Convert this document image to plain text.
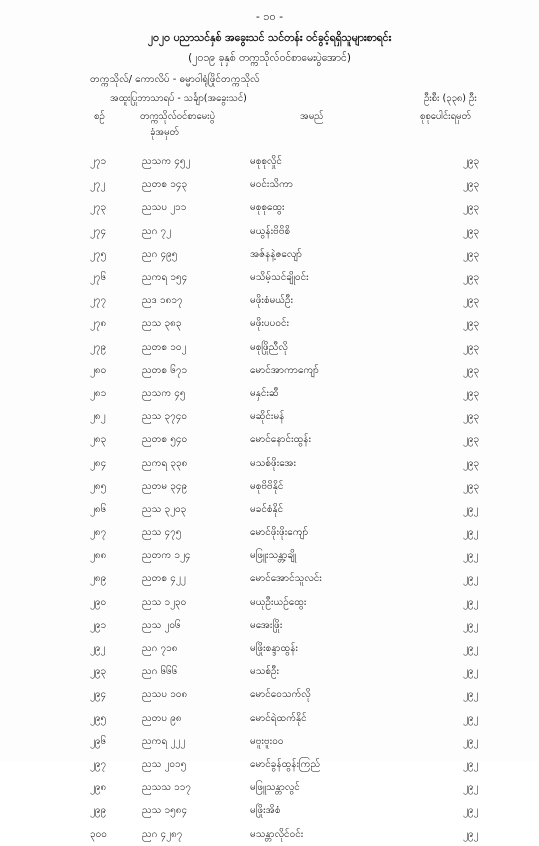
- ၁၀ -
၂၀၂၀ ပညာသင်နှစ် အခွေးသင် သင်တန်း ဝင်ခွင့်ရရှိသူများစာရင်း
(၂၀၁၉ ခုနှစ် တက္ကသိုလ်ဝင်စာမေးပွဲအောင်)
တက္ကသိုလ်/ ကောလိပ် - ဓမ္မာဝါရုံဖြိုင်တက္ကသိုလ်
အထူးပြုဘာသာရပ် - သင်္ချာ(အခွေးသင်)	ဦးစီး (၃၃၈) ဦး
စဉ်	တက္ကသိုလ်ဝင်စာမေးပွဲ	အမည်	စုစုပေါင်းရမှတ်
ခုံအမှတ်
၂၇၁	ညသက ၄၅၂	မစုစုလှိုင်	၂၉၃
၂၇၂	ညတစ ၁၄၃	မဝင်းသိကာ	၂၉၃
၂၇၃	ညသပ ၂၁၁	မစုစုထွေး	၂၉၃
၂၇၄	ညဂ ၇၂	မယွန်းဗိဗိစိ	၂၉၃
၂၇၅	ညဂ ၄၉၅	အဇ်နနဲ့ဇလျော်	၂၉၃
၂၇၆	ညကရ ၁၅၄	မသိမ့်သင်ချိုဝင်း	၂၉၃
၂၇၇	ညဒ ၁၈၁၇	မဖိုးစံမယ်ဦး	၂၉၃
၂၇၈	ညသ ၃၈၃	မဖိုးပပဝင်း	၂၉၃
၂၇၉	ညတစ ၁၀၂	မစုဖြိုညီလို	၂၉၃
၂၈၀	ညတစ ၆၇၁	မောင်အာကာကျော်	၂၉၃
၂၈၁	ညသက ၄၅	မနှင်းဆီ	၂၉၃
၂၈၂	ညသ ၃၇၄၀	မဆိုင်းမန်	၂၉၃
၂၈၃	ညတစ ၅၄၀	မောင်နောင်းထွန်း	၂၉၃
၂၈၄	ညကရ ၃၃၈	မသစ်ဖိုးအေး	၂၉၃
၂၈၅	ညတမ ၃၄၉	မစုဗိဗိနိုင်	၂၉၃
၂၈၆	ညသ ၃၂၀၃	မခင်စံနိုင်	၂၉၂
၂၈၇	ညသ ၄၇၅	မောင်ဖိုးဖိုးကျော်	၂၉၂
၂၈၈	ညတက ၁၂၄	မဖြူးသန္တာ့ချို	၂၉၂
၂၈၉	ညတစ ၄၂၂	မောင်အောင်သူလင်း	၂၉၂
၂၉၀	ညသ ၁၂၃၀	မယုဦးယဉ်ထွေး	၂၉၂
၂၉၁	ညသ ၂၀၆	မအေးဖြိုး	၂၉၂
၂၉၂	ညဂ ၇၁၈	မဖြိုးစန္ဒာထွန်း	၂၉၂
၂၉၃	ညဂ ၆၆၆	မသစ်ဦး	၂၉၂
၂၉၄	ညသပ ၁၀၈	မောင်ဝေသက်လို	၂၉၂
၂၉၅	ညတပ ၉၈	မောင်ရဲထက်နိုင်	၂၉၂
၂၉၆	ညကရ ၂၂၂	မဗူးဗူး၀၀	၂၉၂
၂၉၇	ညသ ၂၀၁၅	မောင်ခွန်ထွန်းကြည်	၂၉၂
၂၉၈	ညသသ ၁၁၇	မဖြူသန္တာလွင်	၂၉၂
၂၉၉	ညသ ၁၅၈၄	မဖြိုးအိစံ	၂၉၂
၃၀၀	ညဂ ၄၂၈၇	မသန္တာလိုင်ဝင်း	၂၉၂
